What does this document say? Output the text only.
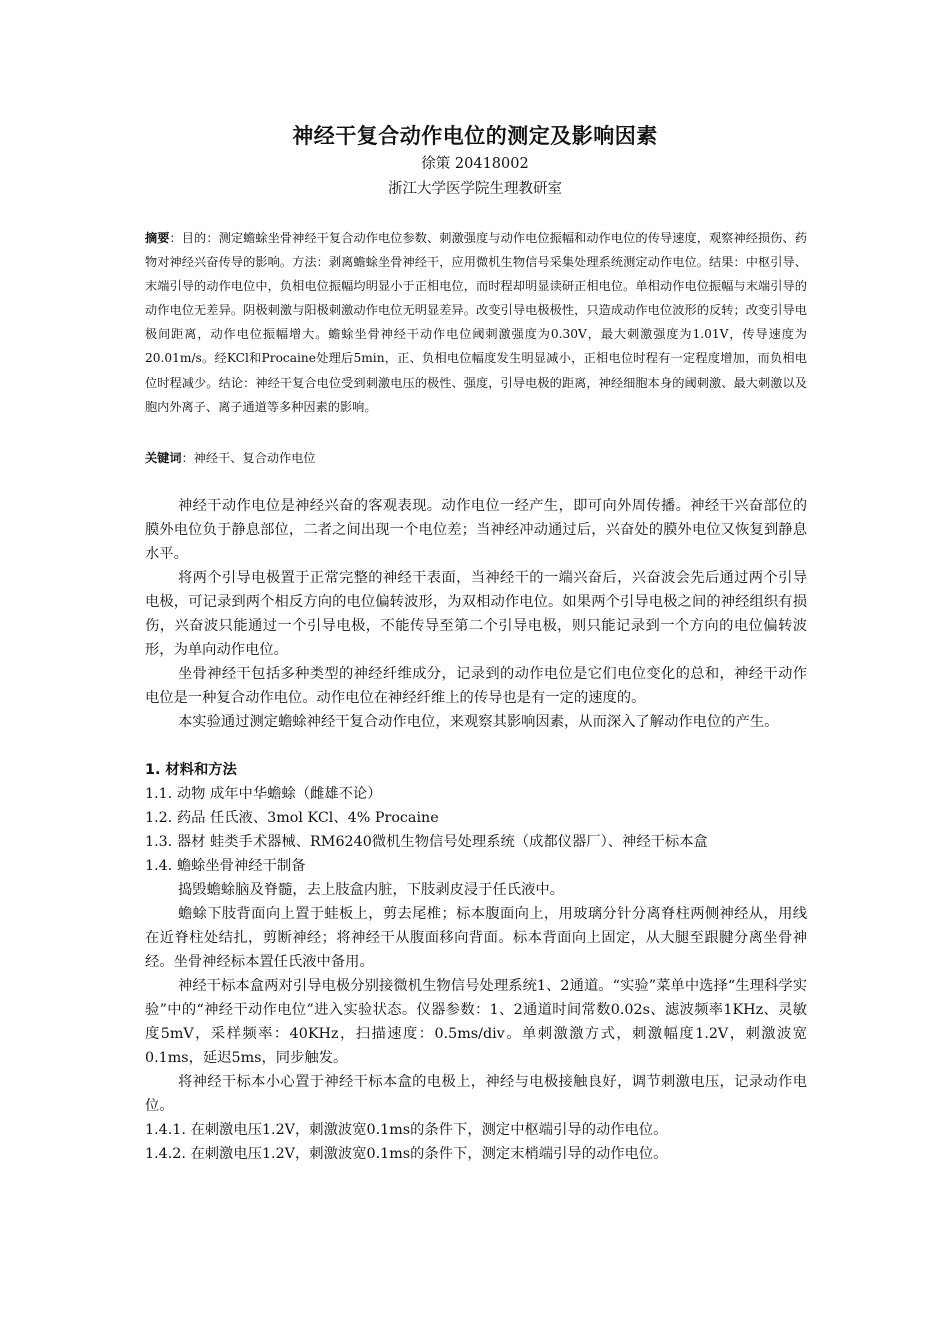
神经干复合动作电位的测定及影响因素
徐策 20418002
浙江大学医学院生理教研室
摘要：目的：测定蟾蜍坐骨神经干复合动作电位参数、刺激强度与动作电位振幅和动作电位的传导速度，观察神经损伤、药物对神经兴奋传导的影响。方法：剥离蟾蜍坐骨神经干，应用微机生物信号采集处理系统测定动作电位。结果：中枢引导、末端引导的动作电位中，负相电位振幅均明显小于正相电位，而时程却明显读研正相电位。单相动作电位振幅与末端引导的动作电位无差异。阴极刺激与阳极刺激动作电位无明显差异。改变引导电极极性，只造成动作电位波形的反转；改变引导电极间距离，动作电位振幅增大。蟾蜍坐骨神经干动作电位阈刺激强度为0.30V，最大刺激强度为1.01V，传导速度为20.01m/s。经KCl和Procaine处理后5min，正、负相电位幅度发生明显减小，正相电位时程有一定程度增加，而负相电位时程减少。结论：神经干复合电位受到刺激电压的极性、强度，引导电极的距离，神经细胞本身的阈刺激、最大刺激以及胞内外离子、离子通道等多种因素的影响。
关键词：神经干、复合动作电位

神经干动作电位是神经兴奋的客观表现。动作电位一经产生，即可向外周传播。神经干兴奋部位的膜外电位负于静息部位，二者之间出现一个电位差；当神经冲动通过后，兴奋处的膜外电位又恢复到静息水平。

将两个引导电极置于正常完整的神经干表面，当神经干的一端兴奋后，兴奋波会先后通过两个引导电极，可记录到两个相反方向的电位偏转波形，为双相动作电位。如果两个引导电极之间的神经组织有损伤，兴奋波只能通过一个引导电极，不能传导至第二个引导电极，则只能记录到一个方向的电位偏转波形，为单向动作电位。

坐骨神经干包括多种类型的神经纤维成分，记录到的动作电位是它们电位变化的总和，神经干动作电位是一种复合动作电位。动作电位在神经纤维上的传导也是有一定的速度的。

本实验通过测定蟾蜍神经干复合动作电位，来观察其影响因素，从而深入了解动作电位的产生。

1. 材料和方法

1.1. 动物 成年中华蟾蜍（雌雄不论）

1.2. 药品 任氏液、3mol KCl、4% Procaine

1.3. 器材 蛙类手术器械、RM6240微机生物信号处理系统（成都仪器厂）、神经干标本盒

1.4. 蟾蜍坐骨神经干制备

捣毁蟾蜍脑及脊髓，去上肢盒内脏，下肢剥皮浸于任氏液中。

蟾蜍下肢背面向上置于蛙板上，剪去尾椎；标本腹面向上，用玻璃分针分离脊柱两侧神经从，用线在近脊柱处结扎，剪断神经；将神经干从腹面移向背面。标本背面向上固定，从大腿至跟腱分离坐骨神经。坐骨神经标本置任氏液中备用。

神经干标本盒两对引导电极分别接微机生物信号处理系统1、2通道。“实验”菜单中选择“生理科学实验”中的“神经干动作电位”进入实验状态。仪器参数：1、2通道时间常数0.02s、滤波频率1KHz、灵敏度5mV，采样频率：40KHz，扫描速度：0.5ms/div。单刺激激方式，刺激幅度1.2V，刺激波宽0.1ms，延迟5ms，同步触发。

将神经干标本小心置于神经干标本盒的电极上，神经与电极接触良好，调节刺激电压，记录动作电位。

1.4.1. 在刺激电压1.2V，刺激波宽0.1ms的条件下，测定中枢端引导的动作电位。

1.4.2. 在刺激电压1.2V，刺激波宽0.1ms的条件下，测定末梢端引导的动作电位。
